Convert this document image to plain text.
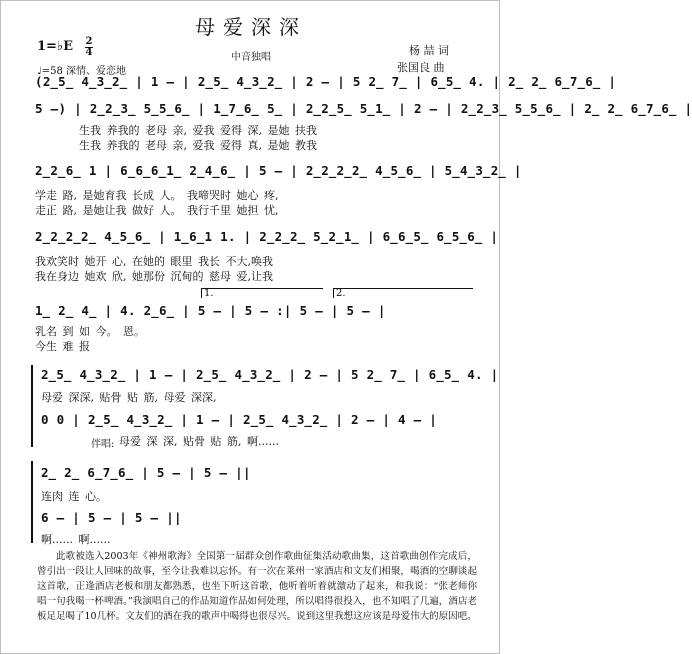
母爱深深
1=♭E 2
4	中音独唱
杨 喆 词
张国良 曲
♩=58 深情、爱恋地
(2̲5̲ 4̲3̲2̲ | 1 – | 2̲5̲ 4̲3̲2̲ | 2 – | 5 2̲ 7̲ | 6̲5̲ 4. | 2̲ 2̲ 6̲7̲6̲ |
5 –) | 2̲2̲3̲ 5̲5̲6̲ | 1̲7̲6̲ 5̲ | 2̲2̲5̲ 5̲1̲ | 2 – | 2̲2̲3̲ 5̲5̲6̲ | 2̲ 2̲ 6̲7̲6̲ |
生我 养我的 老母 亲, 爱我 爱得 深, 是她 扶我
生我 养我的 老母 亲, 爱我 爱得 真, 是她 教我
2̲2̲6̲ 1 | 6̲6̲6̲1̲ 2̲4̲6̲ | 5 – | 2̲2̲2̲2̲ 4̲5̲6̲ | 5̲4̲3̲2̲ |
学走 路, 是她育我 长成 人。 我啼哭时 她心 疼,
走正 路, 是她让我 做好 人。 我行千里 她担 忧,
2̲2̲2̲2̲ 4̲5̲6̲ | 1̲6̲1 1. | 2̲2̲2̲ 5̲2̲1̲ | 6̲6̲5̲ 6̲5̲6̲ |
我欢笑时 她开 心, 在她的 眼里 我长 不大,唤我
我在身边 她欢 欣, 她那份 沉甸的 慈母 爱,让我
1.	2.
1̲ 2̲ 4̲ | 4. 2̲6̲ | 5 – | 5 – :| 5 – | 5 – |
乳名 到 如 今。 恩。
今生 难 报
2̲5̲ 4̲3̲2̲ | 1 – | 2̲5̲ 4̲3̲2̲ | 2 – | 5 2̲ 7̲ | 6̲5̲ 4. |
母爱 深深, 贴骨 贴 筋, 母爱 深深,
0 0 | 2̲5̲ 4̲3̲2̲ | 1 – | 2̲5̲ 4̲3̲2̲ | 2 – | 4 – |
伴唱: 母爱 深 深, 贴骨 贴 筋, 啊......
2̲ 2̲ 6̲7̲6̲ | 5 – | 5 – ||
连肉 连 心。
6 – | 5 – | 5 – ||
啊...... 啊......
此歌被选入2003年《神州歌海》全国第一届群众创作歌曲征集活动歌曲集，这首歌曲创作完成后，曾引出一段让人回味的故事，至今让我难以忘怀。有一次在莱州一家酒店和文友们相聚，喝酒的空聊谈起这首歌，正逢酒店老板和朋友都熟悉，也坐下听这首歌，他听着听着就激动了起来，和我说：“张老师你唱一句我喝一杯啤酒。”我演唱自己的作品知道作品如何处理，所以唱得很投入，也不知唱了几遍，酒店老板足足喝了10几杯。文友们的酒在我的歌声中喝得也很尽兴。说到这里我想这应该是母爱伟大的原因吧。
